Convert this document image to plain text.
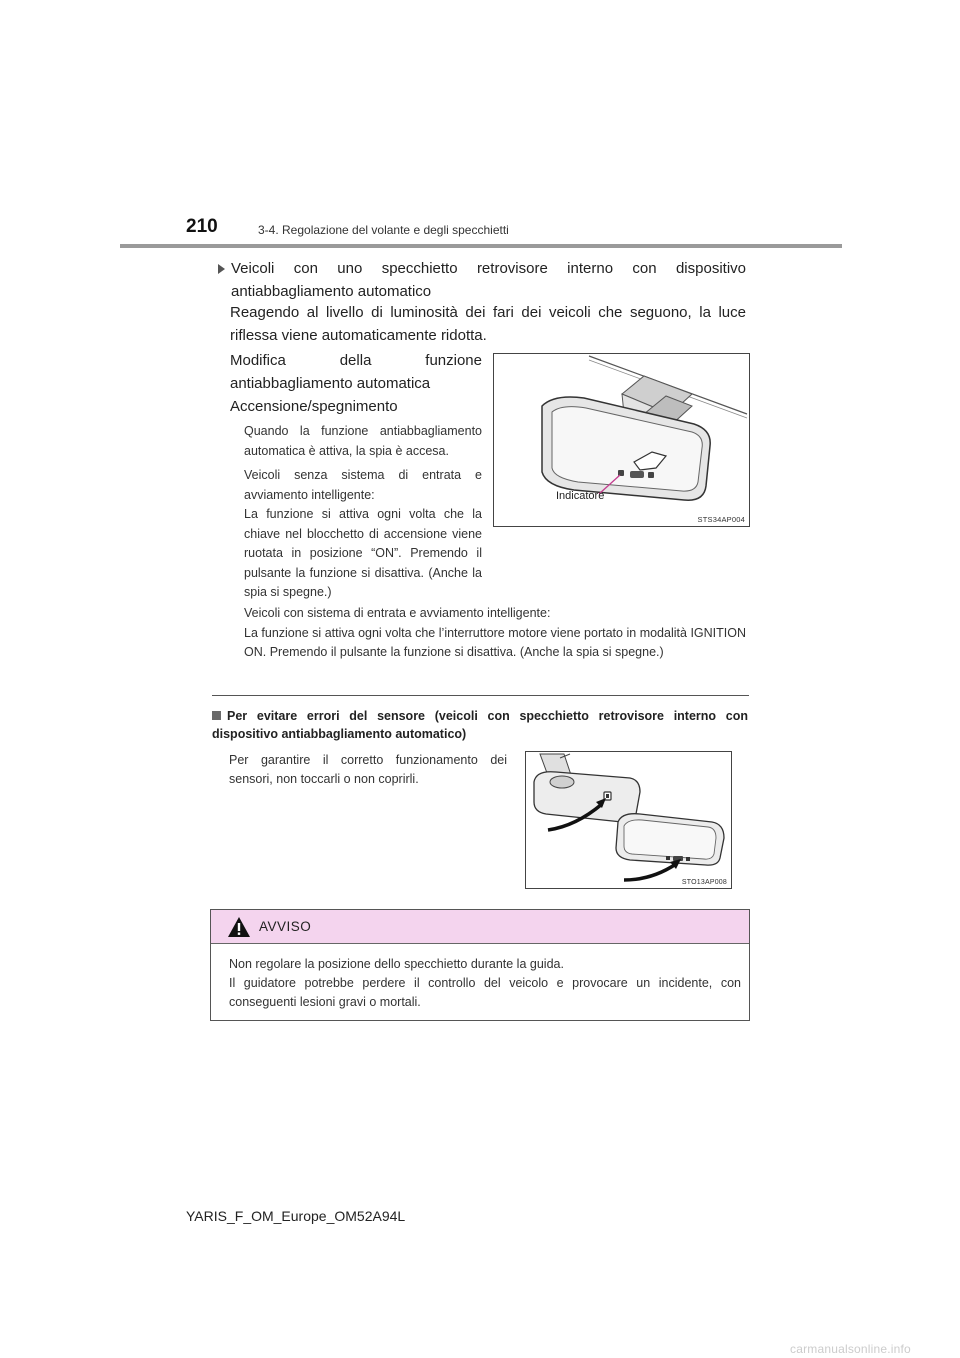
210	3-4. Regolazione del volante e degli specchietti
Veicoli con uno specchietto retrovisore interno con dispositivo antiabbagliamento automatico
Reagendo al livello di luminosità dei fari dei veicoli che seguono, la luce riflessa viene automaticamente ridotta.
Modifica	della	funzione
antiabbagliamento automatica
Accensione/spegnimento
Quando la funzione antiabbagliamento automatica è attiva, la spia è accesa.
Veicoli senza sistema di entrata e avviamento intelligente:
La funzione si attiva ogni volta che la chiave nel blocchetto di accensione viene ruotata in posizione “ON”. Premendo il pulsante la funzione si disattiva. (Anche la spia si spegne.)
Veicoli con sistema di entrata e avviamento intelligente:
La funzione si attiva ogni volta che l’interruttore motore viene portato in modalità IGNITION ON. Premendo il pulsante la funzione si disattiva. (Anche la spia si spegne.)
Indicatore
STS34AP004
Per evitare errori del sensore (veicoli con specchietto retrovisore interno con dispositivo antiabbagliamento automatico)
Per garantire il corretto funzionamento dei sensori, non toccarli o non coprirli.
STO13AP008
AVVISO
Non regolare la posizione dello specchietto durante la guida.
Il guidatore potrebbe perdere il controllo del veicolo e provocare un incidente, con conseguenti lesioni gravi o mortali.
YARIS_F_OM_Europe_OM52A94L
carmanualsonline.info
